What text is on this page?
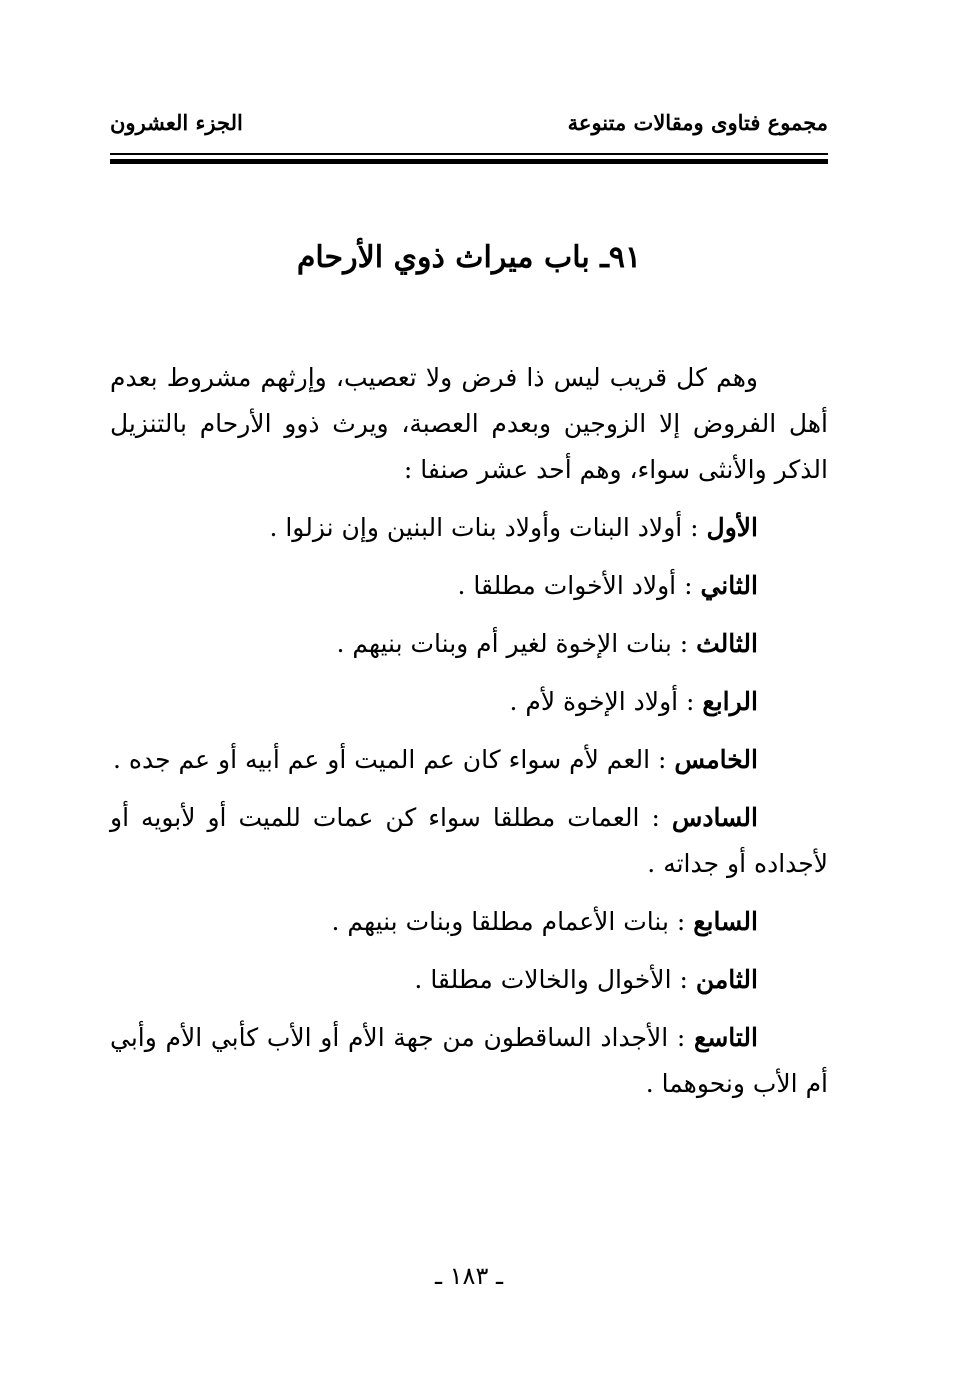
مجموع فتاوى ومقالات متنوعة
الجزء العشرون
٩١ـ باب ميراث ذوي الأرحام

وهم كل قريب ليس ذا فرض ولا تعصيب، وإرثهم مشروط بعدم أهل الفروض إلا الزوجين وبعدم العصبة، ويرث ذوو الأرحام بالتنزيل الذكر والأنثى سواء، وهم أحد عشر صنفا :

الأول : أولاد البنات وأولاد بنات البنين وإن نزلوا .

الثاني : أولاد الأخوات مطلقا .

الثالث : بنات الإخوة لغير أم وبنات بنيهم .

الرابع : أولاد الإخوة لأم .

الخامس : العم لأم سواء كان عم الميت أو عم أبيه أو عم جده .

السادس : العمات مطلقا سواء كن عمات للميت أو لأبويه أو لأجداده أو جداته .

السابع : بنات الأعمام مطلقا وبنات بنيهم .

الثامن : الأخوال والخالات مطلقا .

التاسع : الأجداد الساقطون من جهة الأم أو الأب كأبي الأم وأبي أم الأب ونحوهما .

ـ ١٨٣ ـ
